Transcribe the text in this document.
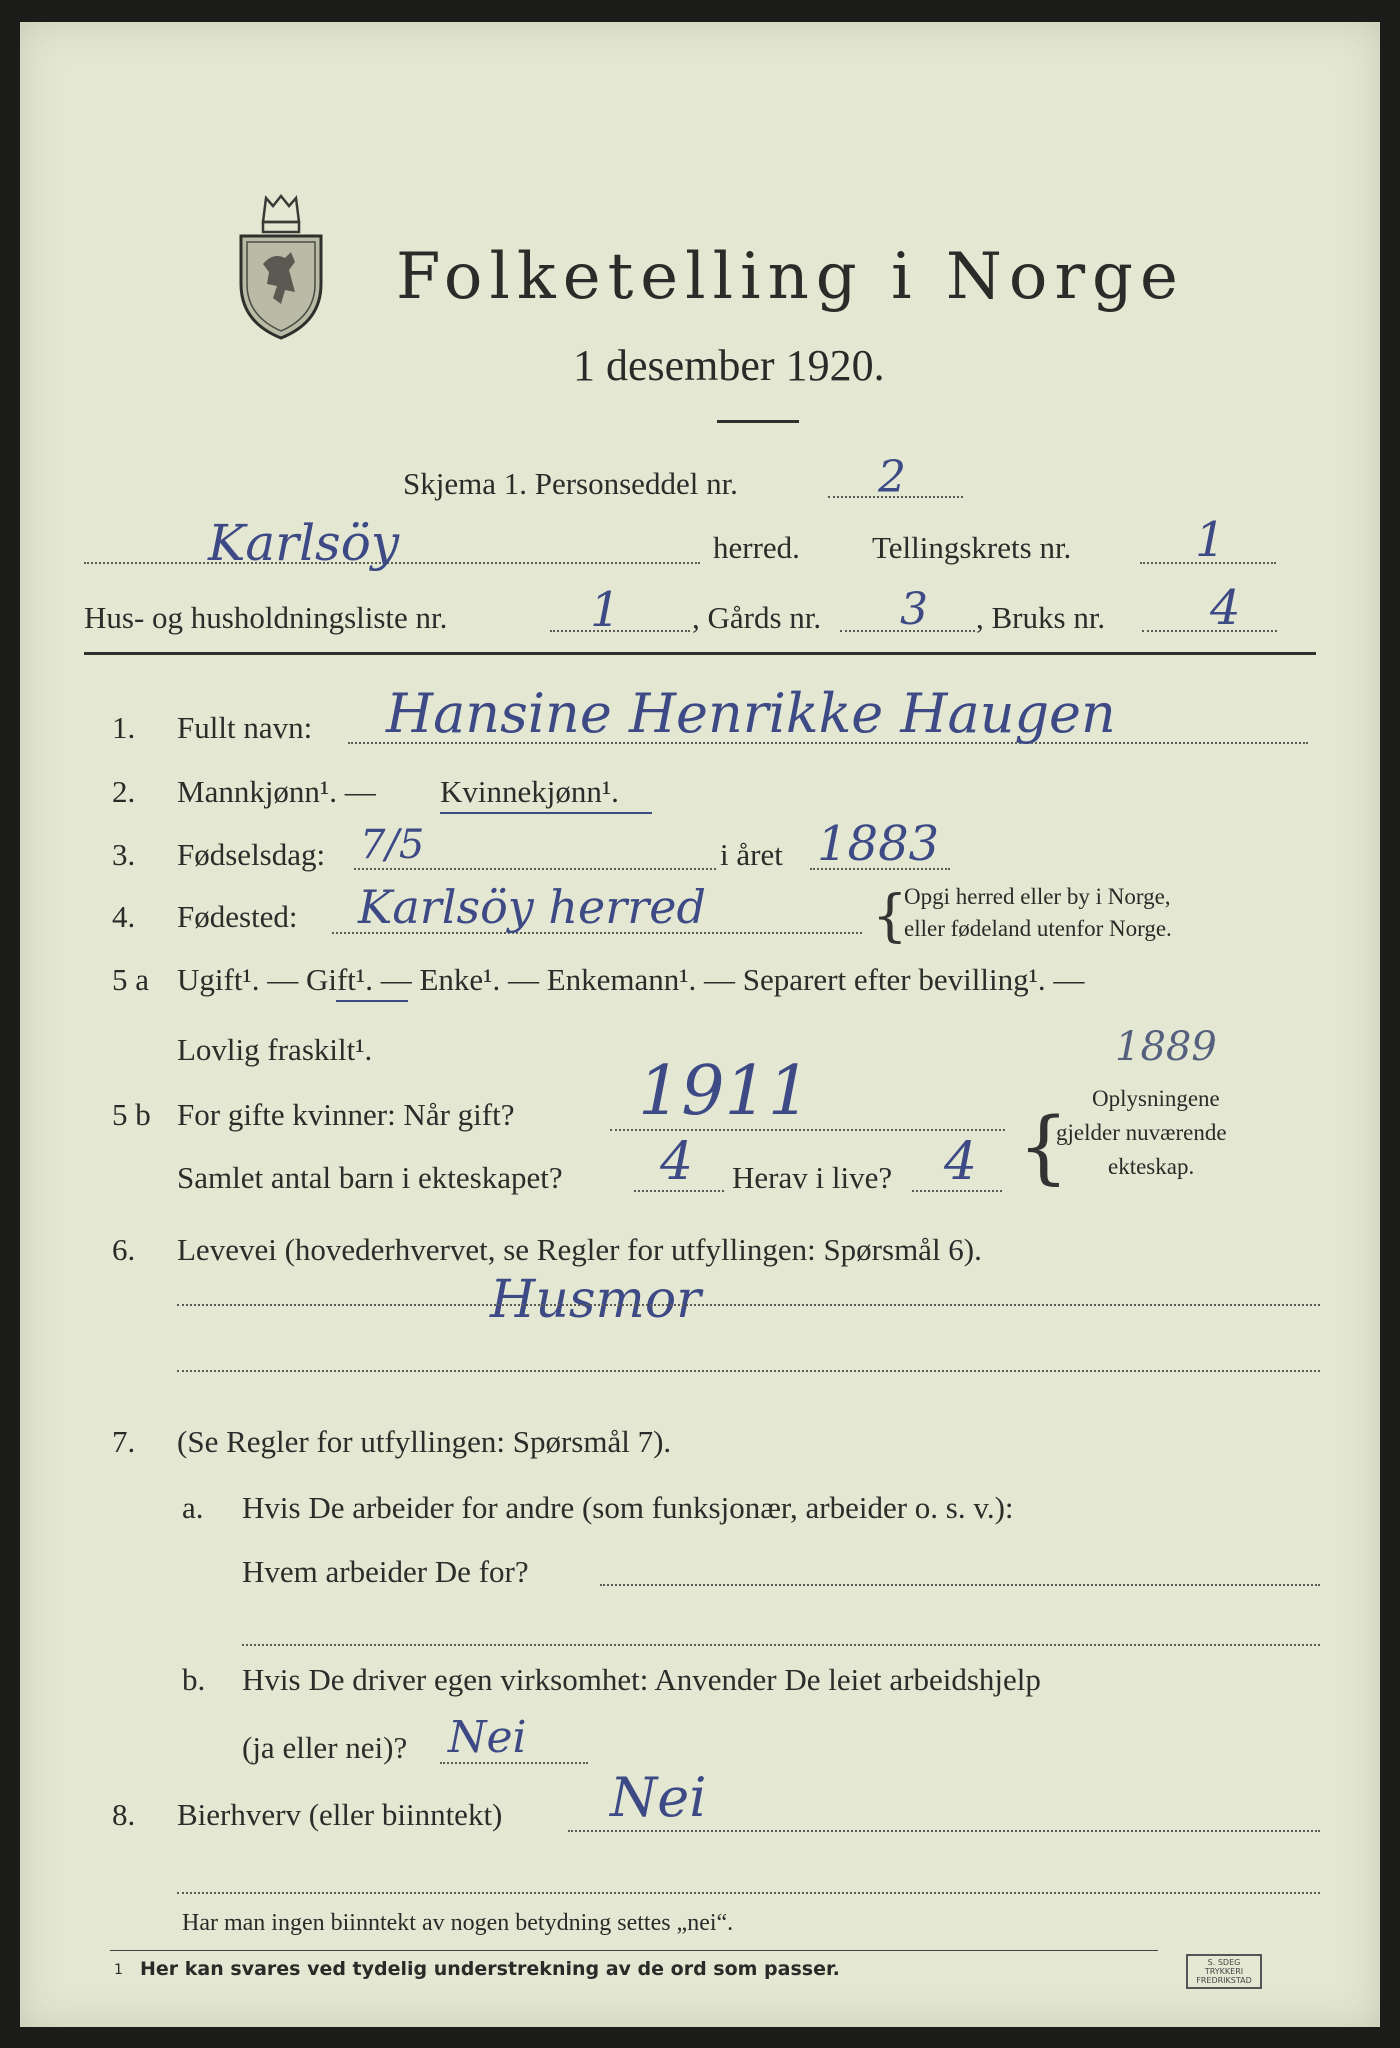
Folketelling i Norge
1 desember 1920.
Skjema 1. Personseddel nr.	2
Karlsöy	herred. Tellingskrets nr.	1
Hus- og husholdningsliste nr.	1 , Gårds nr. 3 , Bruks nr. 4
1. Fullt navn: Hansine Henrikke Haugen
2. Mannkjønn¹. — Kvinnekjønn¹.
3. Fødselsdag: 7/5	i året 1883
4. Fødested: Karlsöy herred	{
Opgi herred eller by i Norge,
eller fødeland utenfor Norge.
5 a Ugift¹. — Gift¹. — Enke¹. — Enkemann¹. — Separert efter bevilling¹. —
Lovlig fraskilt¹.	1889
5 b For gifte kvinner: Når gift? 1911
Samlet antal barn i ekteskapet? 4 Herav i live? 4 {
Oplysningene
gjelder nuværende
ekteskap.
6. Levevei (hovederhvervet, se Regler for utfyllingen: Spørsmål 6).
Husmor
7. (Se Regler for utfyllingen: Spørsmål 7).
a. Hvis De arbeider for andre (som funksjonær, arbeider o. s. v.):
Hvem arbeider De for?
b. Hvis De driver egen virksomhet: Anvender De leiet arbeidshjelp
(ja eller nei)? Nei
8. Bierhverv (eller biinntekt) Nei
Har man ingen biinntekt av nogen betydning settes „nei“.
1 Her kan svares ved tydelig understrekning av de ord som passer.	S. SDEG TRYKKERI FREDRIKSTAD
